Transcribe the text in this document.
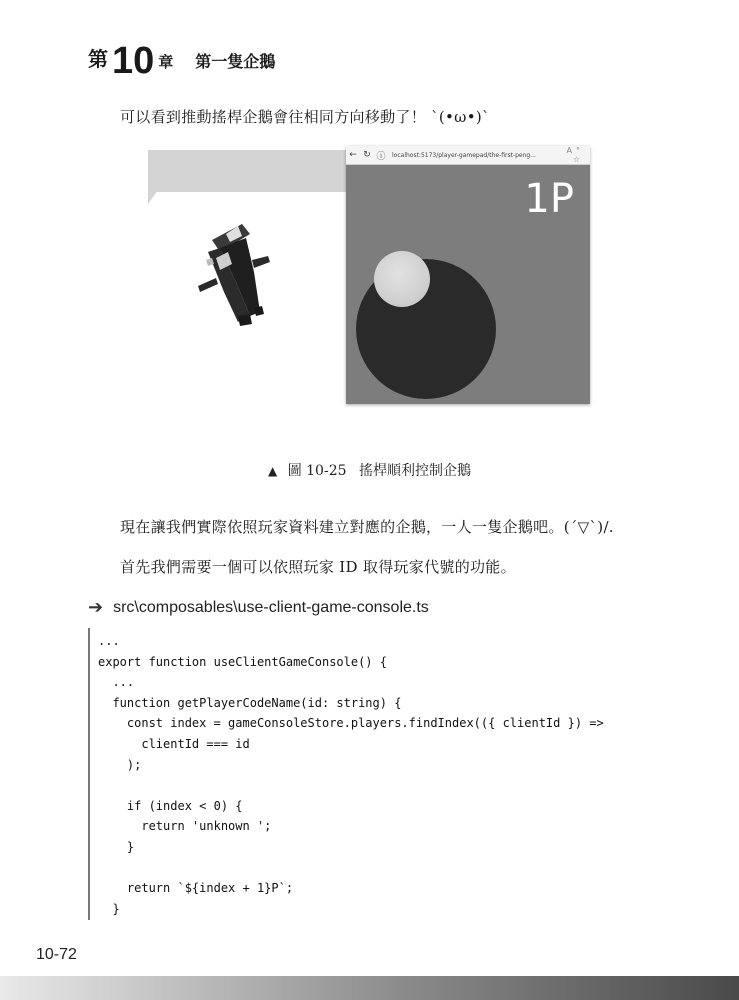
第 10 章 第一隻企鵝
可以看到推動搖桿企鵝會往相同方向移動了！ `(•ω•)ˋ
← ↻ ⓘ	localhost:5173/player-gamepad/the-first-peng...	A° ☆
1P
▲ 圖 10-25 搖桿順利控制企鵝
現在讓我們實際依照玩家資料建立對應的企鵝，一人一隻企鵝吧。(´▽`)/.
首先我們需要一個可以依照玩家 ID 取得玩家代號的功能。
➔ src\composables\use-client-game-console.ts
...
export function useClientGameConsole() {
...
function getPlayerCodeName(id: string) {
const index = gameConsoleStore.players.findIndex(({ clientId }) =>
clientId === id
);
if (index < 0) {
return 'unknown ';
}
return `${index + 1}P`;
}
10-72
